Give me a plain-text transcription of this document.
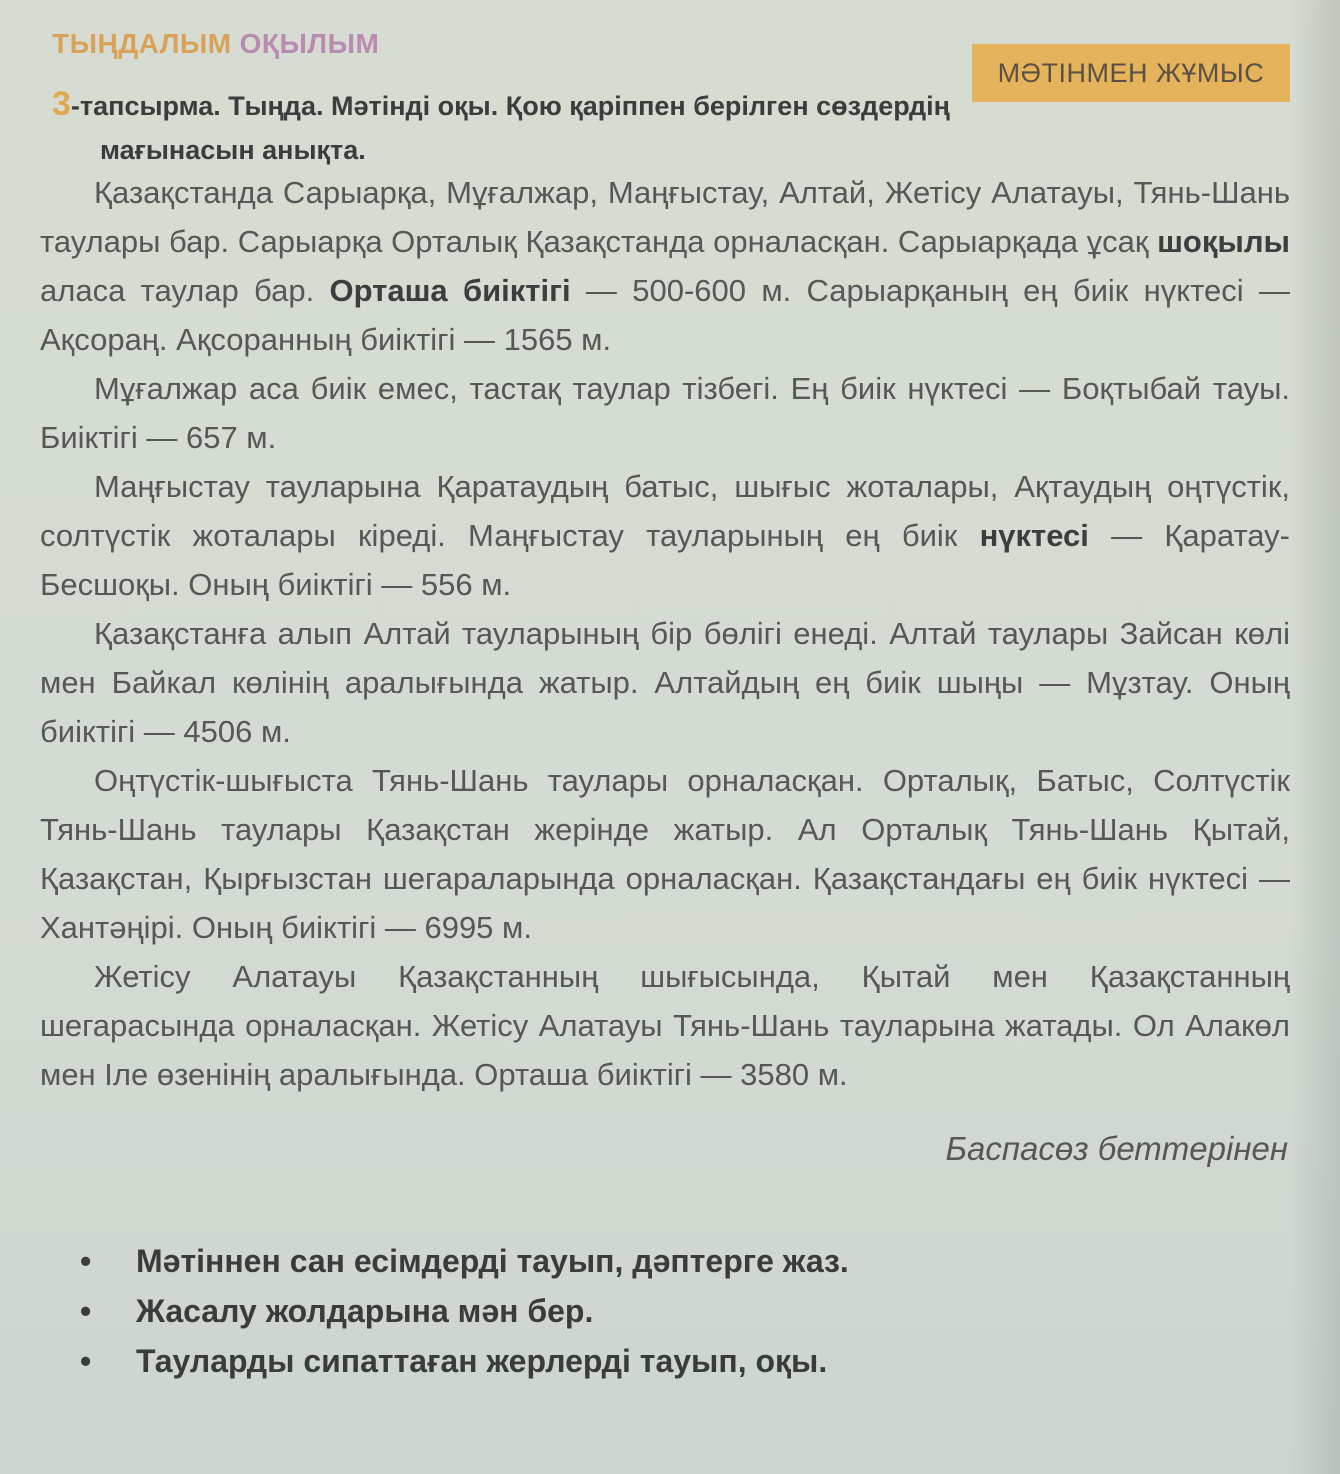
ТЫҢДАЛЫМ ОҚЫЛЫМ
МӘТІНМЕН ЖҰМЫС
3-тапсырма. Тыңда. Мәтінді оқы. Қою қаріппен берілген сөздердің
мағынасын анықта.

Қазақстанда Сарыарқа, Мұғалжар, Маңғыстау, Алтай, Жетісу Алатауы, Тянь-Шань таулары бар. Сарыарқа Орталық Қазақстанда орналасқан. Сарыарқада ұсақ шоқылы аласа таулар бар. Орташа биіктігі — 500-600 м. Сарыарқаның ең биік нүктесі — Ақсораң. Ақсоранның биіктігі — 1565 м.

Мұғалжар аса биік емес, тастақ таулар тізбегі. Ең биік нүктесі — Боқтыбай тауы. Биіктігі — 657 м.

Маңғыстау тауларына Қаратаудың батыс, шығыс жоталары, Ақтаудың оңтүстік, солтүстік жоталары кіреді. Маңғыстау тауларының ең биік нүктесі — Қаратау-Бесшоқы. Оның биіктігі — 556 м.

Қазақстанға алып Алтай тауларының бір бөлігі енеді. Алтай таулары Зайсан көлі мен Байкал көлінің аралығында жатыр. Алтайдың ең биік шыңы — Мұзтау. Оның биіктігі — 4506 м.

Оңтүстік-шығыста Тянь-Шань таулары орналасқан. Орталық, Батыс, Солтүстік Тянь-Шань таулары Қазақстан жерінде жатыр. Ал Орталық Тянь-Шань Қытай, Қазақстан, Қырғызстан шегараларында орналасқан. Қазақстандағы ең биік нүктесі — Хантәңірі. Оның биіктігі — 6995 м.

Жетісу Алатауы Қазақстанның шығысында, Қытай мен Қазақстанның шегарасында орналасқан. Жетісу Алатауы Тянь-Шань тауларына жатады. Ол Алакөл мен Іле өзенінің аралығында. Орташа биіктігі — 3580 м.

Баспасөз беттерінен
• Мәтіннен сан есімдерді тауып, дәптерге жаз.
• Жасалу жолдарына мән бер.
• Тауларды сипаттаған жерлерді тауып, оқы.
